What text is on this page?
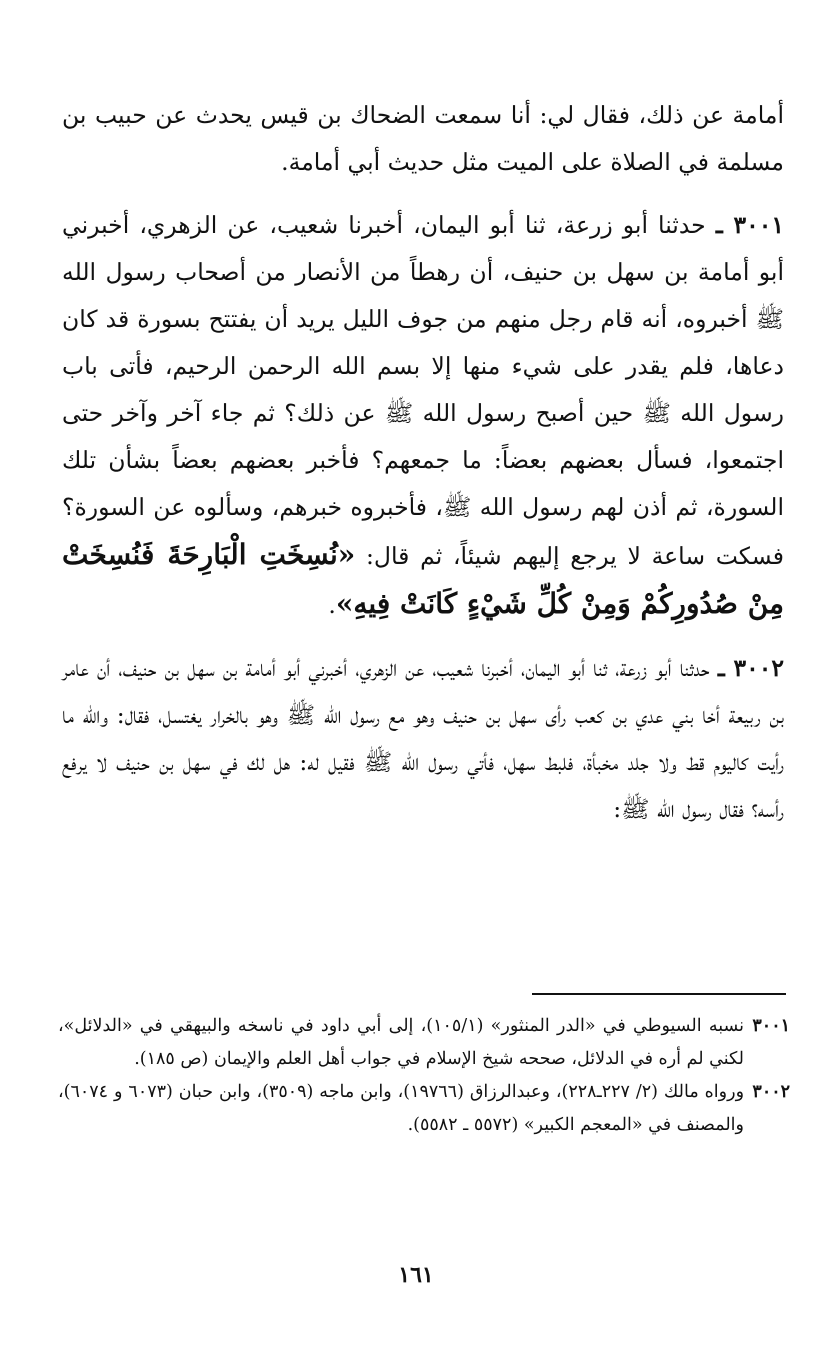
أمامة عن ذلك، فقال لي: أنا سمعت الضحاك بن قيس يحدث عن حبيب بن مسلمة في الصلاة على الميت مثل حديث أبي أمامة.

٣٠٠١ ـ حدثنا أبو زرعة، ثنا أبو اليمان، أخبرنا شعيب، عن الزهري، أخبرني أبو أمامة بن سهل بن حنيف، أن رهطاً من الأنصار من أصحاب رسول الله ﷺ أخبروه، أنه قام رجل منهم من جوف الليل يريد أن يفتتح بسورة قد كان دعاها، فلم يقدر على شيء منها إلا بسم الله الرحمن الرحيم، فأتى باب رسول الله ﷺ حين أصبح رسول الله ﷺ عن ذلك؟ ثم جاء آخر وآخر حتى اجتمعوا، فسأل بعضهم بعضاً: ما جمعهم؟ فأخبر بعضهم بعضاً بشأن تلك السورة، ثم أذن لهم رسول الله ﷺ، فأخبروه خبرهم، وسألوه عن السورة؟ فسكت ساعة لا يرجع إليهم شيئاً، ثم قال: «نُسِخَتِ الْبَارِحَةَ فَنُسِخَتْ مِنْ صُدُورِكُمْ وَمِنْ كُلِّ شَيْءٍ كَانَتْ فِيهِ».

٣٠٠٢ ـ حدثنا أبو زرعة، ثنا أبو اليمان، أخبرنا شعيب، عن الزهري، أخبرني أبو أمامة بن سهل بن حنيف، أن عامر بن ربيعة أخا بني عدي بن كعب رأى سهل بن حنيف وهو مع رسول الله ﷺ وهو بالخرار يغتسل، فقال: والله ما رأيت كاليوم قط ولا جلد مخبأة، فلبط سهل، فأتي رسول الله ﷺ فقيل له: هل لك في سهل بن حنيف لا يرفع رأسه؟ فقال رسول الله ﷺ:

٣٠٠١نسبه السيوطي في «الدر المنثور» (١٠٥/١)، إلى أبي داود في ناسخه والبيهقي في «الدلائل»، لكني لم أره في الدلائل، صححه شيخ الإسلام في جواب أهل العلم والإيمان (ص ١٨٥).

٣٠٠٢ورواه مالك (٢/ ٢٢٧ـ٢٢٨)، وعبدالرزاق (١٩٧٦٦)، وابن ماجه (٣٥٠٩)، وابن حبان (٦٠٧٣ و ٦٠٧٤)، والمصنف في «المعجم الكبير» (٥٥٧٢ ـ ٥٥٨٢).

١٦١
